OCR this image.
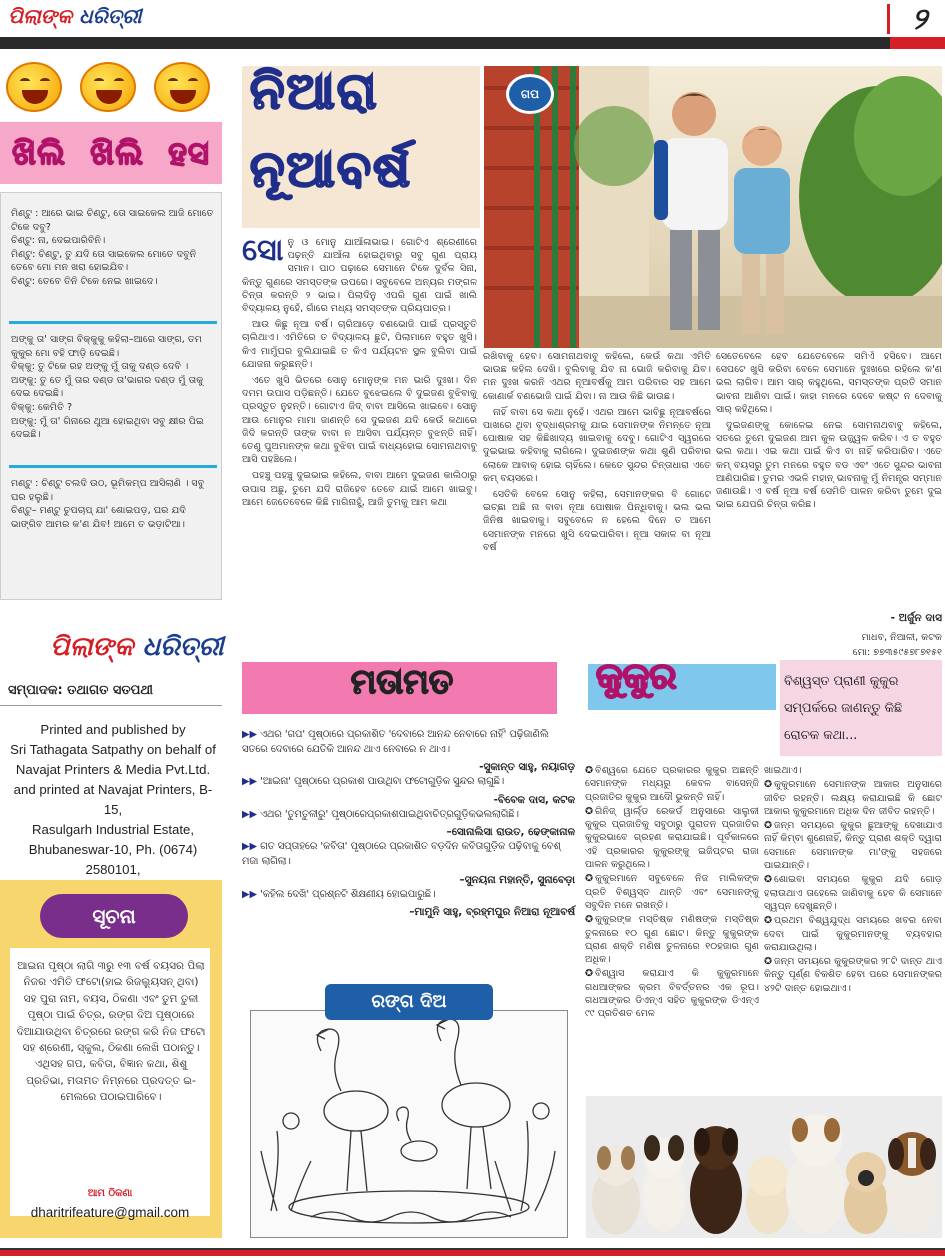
ପିଲାଙ୍କ ଧରିତ୍ରୀ	୨
ଖିଲି ଖିଲି ହସ
ମିଣ୍ଟୁ : ଆରେ ଭାଇ ଚିଣ୍ଟୁ, ତୋ ସାଇକେଲ ଆଜି ମୋତେ ଟିକେ ଦବୁ?
ଚିଣ୍ଟୁ: ନା, ଦେଇପାରିବିନି।
ମିଣ୍ଟୁ: ଚିଣ୍ଟୁ, ତୁ ଯଦି ତୋ ସାଇକେଲ ମୋତେ ଦବୁନି ତେବେ ମୋ ମନ ଖରା ହୋଇଯିବ।
ଚିଣ୍ଟୁ: ତେବେ ତିନି ଟିକେ ନେଇ ଖାଇଦେ।
ଅଙ୍କୁ ତା' ସାଙ୍ଗ ବିକ୍କୁକୁ କହିଲା–ଆରେ ସାଙ୍ଗ, ତମ କୁକୁର ମୋ ବହି ଫାଡ଼ି ଦେଇଛି।
ବିକ୍କୁ: ତୁ ଟିକେ ରହ ଅଙ୍କୁ ମୁଁ ତାକୁ ଦଣ୍ଡ ଦେବି ।
ଅଙ୍କୁ: ତୁ ତେ ମୁଁ ତାର ଦଣ୍ଡ ତା'ଭାଗର ଦଣ୍ଡ ମୁଁ ତାକୁ ଦେଇ ଦେଇଛି।
ବିକ୍କୁ: କେମିତି ?
ଅଙ୍କୁ: ମୁଁ ତା' ଗିନାରେ ଥୁଆ ହୋଇଥିବା ସବୁ କ୍ଷୀର ପିଇ ଦେଇଛି।
ମଣ୍ଟୁ : ଚିଣ୍ଟୁ ଚଲଦି ଉଠ, ଭୂମିକମ୍ପ ଆସିଲାଣି । ସବୁ ଘର ହଲୁଛି।
ଚିଣ୍ଟୁ– ମଣ୍ଟୁ ଚୁପଚାପ୍ ଯା' ଶୋଇପଡ଼, ଘର ଯଦି ଭାଙ୍ଗିବ ଆମର କ'ଣ ଯିବ! ଆମେ ତ ଭଡ଼ାଟିଆ।
ପିଲାଙ୍କ ଧରିତ୍ରୀ
ସମ୍ପାଦକ: ତଥାଗତ ସତପଥୀ
Printed and published by
Sri Tathagata Satpathy on behalf of
Navajat Printers & Media Pvt.Ltd.
and printed at Navajat Printers, B-15,
Rasulgarh Industrial Estate,
Bhubaneswar-10, Ph. (0674) 2580101,
ସୂଚନା
ଆଇନା ପୃଷ୍ଠା ଲାଗି ୩ରୁ ୧୩ ବର୍ଷ ବୟସର ପିଲା ନିଜର ଏମିତି ଫଟୋ(ହାଇ ରିଜଲ୍ୟୁସନ୍ ଥିବା) ସହ ପୁରା ନାମ, ବୟସ, ଠିକଣା ଏବଂ ତୁମ ତୁଳୀ ପୃଷ୍ଠା ପାଇଁ ଚିତ୍ର, ରଙ୍ଗ ଦିଅ ପୃଷ୍ଠାରେ ଦିଆଯାଉଥିବା ଚିତ୍ରରେ ରଙ୍ଗ କରି ନିଜ ଫଟୋ ସହ ଶ୍ରେଣୀ, ସ୍କୁଲ, ଠିକଣା ଲେଖି ପଠାନ୍ତୁ। ଏଥିସହ ଗପ, କବିତା, ବିଜ୍ଞାନ କଥା, ଶିଶୁ ପ୍ରତିଭା, ମତାମତ ନିମ୍ନରେ ପ୍ରଦତ୍ତ ଇ-ମେଲରେ ପଠାଇପାରିବେ।
ଆମ ଠିକଣା
dharitrifeature@gmail.com
ନିଆରା
ନୂଆବର୍ଷ
ଗପ

ସୋନୁ ଓ ମୋନୁ ଯାଆଁଳାଭାଇ। ଗୋଟିଏ ଶ୍ରେଣୀରେ ପଢ଼ନ୍ତି ଯାଆଁଳା ହୋଇଥିବାରୁ ସବୁ ଗୁଣ ପ୍ରାୟ ସମାନ। ପାଠ ପଢ଼ାରେ ସେମାନେ ଟିକେ ଦୁର୍ବଳ ସିନା, କିନ୍ତୁ ଗୁଣରେ ସମସ୍ତଙ୍କ ଉପରେ। ସବୁବେଳେ ଅନ୍ୟର ମଙ୍ଗଳ ଚିନ୍ତା କରନ୍ତି ୨ ଭାଇ। ପିଲାଦିନୁ ଏପରି ଗୁଣ ପାଇଁ ଖାଲି ବିଦ୍ୟାଳୟ ନୁହେଁ, ଗାଁରେ ମଧ୍ୟ ସମସ୍ତଙ୍କ ପ୍ରିୟପାତ୍ର।

ଆଉ କିଛୁ ନୂଆ ବର୍ଷ। ଚାରିଆଡ଼େ ବଣଭୋଜି ପାଇଁ ପ୍ରସ୍ତୁତି ଚାଲିଥାଏ। ଏମିତିରେ ତ ବିଦ୍ୟାଳୟ ଛୁଟି, ପିଲାମାନେ ବହୁତ ଖୁସି। କିଏ ମାମୁଁଘର ବୁଲିଯାଇଛି ତ କିଏ ପର୍ଯ୍ୟଟନ ସ୍ଥଳ ବୁଲିବା ପାଇଁ ଯୋଜନା କରୁଛନ୍ତି।

ଏତେ ଖୁସି ଭିତରେ ସୋନୁ ମୋନୁଙ୍କ ମନ ଭାରି ଦୁଃଖ। ଦିନ ଦମମ ଉପାସ ପଡ଼ିଛନ୍ତି। ଯେତେ ବୁଝେଇଲେ ବି ଦୁଇଜଣ ବୁଝିବାକୁ ପ୍ରସ୍ତୁତ ନୁହନ୍ତି। ଗୋଟାଏ ଜିଦ୍ ବାବା ଆସିଲେ ଖାଇବେ। ସୋନୁ ଆଉ ମୋନୁର ମାମା ଜାଣନ୍ତି ସେ ଦୁଇଜଣ ଯଦି କେଉଁ କଥାରେ ଜିଦି କରନ୍ତି ତାଙ୍କ ବାବା ନ ଆସିବା ପର୍ଯ୍ୟନ୍ତ ବୁଝନ୍ତି ନାହିଁ। ତେଣୁ ପୁଅମାନଙ୍କ କଥା ବୁଝିବା ପାଇଁ ବାଧ୍ୟହୋଇ ସୋମନାଥବାବୁ ଆସି ପହଞ୍ଚିଲେ।

ପହଞ୍ଚୁ ପହଞ୍ଚୁ ଦୁଇଭାଇ କହିଲେ, ବାବା ଆମେ ଦୁଇଜଣ କାଲିଠାରୁ ଉପାସ ଅଛୁ, ତୁମେ ଯଦି ରାଜିହେବ ତେବେ ଯାଇଁ ଆମେ ଖାଇବୁ। ଆମେ ଜେତେବେଳେ କିଛି ମାଗିନାହୁଁ, ଆଜି ତୁମକୁ ଆମ କଥା

ରଖିବାକୁ ହେବ। ସୋମନାଥବାବୁ କହିଲେ, କେଉଁ କଥା ଏମିତି ଭାଉଛ କହିଲ ଦେଖି। ବୁଲିବାକୁ ଯିବ ନା ଭୋଜି କରିବାକୁ ଯିବ। ମନ ଦୁଃଖ କରନି ଏଥର ନୂଆବର୍ଷକୁ ଆମ ପରିବାର ସହ ଆମେ କୋଣାର୍କ ବଣଭୋଜି ପାଇଁ ଯିବା। ନା ଆଉ କିଛି ଭାଉଛ।

ନାହିଁ ବାବା ସେ କଥା ନୁହେଁ। ଏଥର ଆମେ ଭାବିଛୁ ନୂଆବର୍ଷରେ ପାଖରେ ଥିବା ବୃଦ୍ଧାଶ୍ରମକୁ ଯାଇ ସେମାନଙ୍କ ନିମନ୍ତେ ନୂଆ ପୋଷାକ ସହ କିଛିଖାଦ୍ୟ ଖାଇବାକୁ ଦେବୁ। ଗୋଟିଏ ସ୍ୱରରେ ଦୁଇଭାଇ କହିବାକୁ ଲାଗିଲେ। ଦୁଇଜଣଙ୍କ କଥା ଶୁଣି ପରିବାର ଲୋକେ ଆବାକ୍ ହୋଇ ଚାହିଁଲେ। କେତେ ସୁନ୍ଦର ଚିନ୍ତାଧାରା ଏତେ କମ୍ ବୟସରେ।

ସେତିକି ବେଳେ ସୋନୁ କହିଲା, ସେମାନଙ୍କର ବି ଗୋଟେ ଇଚ୍ଛା ଅଛି ନା ବାବା ନୂଆ ପୋଷାକ ପିନ୍ଧିବାକୁ। ଭଲ ଭଲ ଜିନିଷ ଖାଇବାକୁ। ସବୁବେଳେ ନ ହେଲେ ଦିନେ ତ ଆମେ ସେମାନଙ୍କ ମନରେ ଖୁସି ଦେଇପାରିବା। ନୂଆ ସକାଳ ବା ନୂଆ ବର୍ଷ

ସେତେବେଳେ ହେବ ଯେତେବେଳେ ସମିଏଁ ହସିବେ। ଆମେ ସେପଟେ ଖୁସି କରିବା ବେଳେ ସେମାନେ ଦୁଃଖରେ ରହିଲେ କ'ଣ ଭଲ ଲାଗିବ। ଆମ ସାର୍ କହୁଥିଲେ, ସମସ୍ତଙ୍କ ପ୍ରତି ସମାନ ଭାବନା ଆଣିବା ପାଇଁ। କାହା ମନରେ ଦେବେ କଷ୍ଟ ନ ଦେବାକୁ ସାର୍ କହିଥିଲେ।

ଦୁଇଜଣଙ୍କୁ କୋଳେଇ ନେଇ ସୋମନାଥବାବୁ କହିଲେ, ସତରେ ତୁମେ ଦୁଇଜଣ ଆମ କୁଳ ଉଜ୍ଜ୍ୱଳ କରିବ। ଏ ତ ବହୁତ ଭଲ କଥା। ଏଇ କଥା ପାଇଁ କିଏ ବା ନାହିଁ କରିପାରିବ। ଏତେ କମ୍ ବୟସରୁ ତୁମ ମନରେ ବହୁତ ବଡ ଏବଂ ଏତେ ସୁନ୍ଦର ଭାବନା ଆଣିପାରିଛ। ତୁମର ଏଭଳି ମହାନ୍ ଭାବନାକୁ ମୁଁ ନିମନ୍ତ୍ର ସମ୍ମାନ ଜଣାଉଛି। ଏ ବର୍ଷ ନୂଆ ବର୍ଷ ସେମିତି ପାଳନ କରିବା ତୁମେ ଦୁଇ ଭାଇ ଯେପରି ଚିନ୍ତା କରିଛ।

- ଅର୍ଜୁନ ଦାସ
ମାଧବ, ନିଆଳୀ, କଟକ
ମୋ: ୭୭୩୫୯୫୭୮୭୧୫୧
ମତାମତ
▶▶ ଏଥର 'ଗପ' ପୃଷ୍ଠାରେ ପ୍ରକାଶିତ 'ଦେବାରେ ଆନନ୍ଦ ନେବାରେ ନାହିଁ' ପଢ଼ିଜାଣିଲି ସତରେ ଦେବାରେ ଯେତିକି ଆନନ୍ଦ ଥାଏ ନେବାରେ ନ ଥାଏ।
-ସୁକାନ୍ତ ସାହୁ, ନୟାଗଡ଼
▶▶ 'ଆଇନା' ପୃଷ୍ଠାରେ ପ୍ରକାଶ ପାଉଥିବା ଫଟୋଗୁଡ଼ିକ ସୁନ୍ଦର ଲାଗୁଛି।
-ବିବେକ ଦାସ, କଟକ
▶▶ ଏଥର 'ତୁମତୁଳୀରୁ' ପୃଷ୍ଠାରେପ୍ରକାଶପାଇଥିବାଚିତ୍ରଗୁଡ଼ିକଭଲଲାଗିଛି।
–ସୋନାଲିସା ରାଉତ, ଢେଙ୍କାନାଳ
▶▶ ଗତ ସପ୍ତାହରେ 'କବିତା' ପୃଷ୍ଠାରେ ପ୍ରକାଶିତ ବଡ଼ଦିନ କବିତାଗୁଡ଼ିକ ପଢ଼ିବାକୁ ବେଶ୍ ମଜା ଲାଗିଲା।
–ସୁନୟନା ମହାନ୍ତି, ସୁନାବେଡ଼ା
▶▶ 'କହିଲ ଦେଖି' ପ୍ରଶ୍ନଟି ଶିକ୍ଷଣୀୟ ହୋଇପାରୁଛି।
–ମାମୁନି ସାହୁ, ବ୍ରହ୍ମପୁର ନିଆରା ନୂଆବର୍ଷ
ରଙ୍ଗ ଦିଅ
କୁକୁର	ବିଶ୍ୱସ୍ତ ପ୍ରାଣୀ କୁକୁର ସମ୍ପର୍କରେ ଜାଣନ୍ତୁ କିଛି ରୋଚକ କଥା...
✪ ବିଶ୍ୱରେ ଯେତେ ପ୍ରକାରର କୁକୁର ଅଛନ୍ତି ସେମାନଙ୍କ ମଧ୍ୟରୁ କେବଳ ବାସେନ୍ଜି ପ୍ରଜାତିର କୁକୁର ଆଦୌ ଭୁକନ୍ତି ନାହିଁ।
✪ ଗିନିଜ୍ ୱାର୍ଲ୍ଡ ରେକର୍ଡ ଅନୁସାରେ ସାଲୁକୀ କୁକୁର ପ୍ରଜାତିକୁ ସବୁଠାରୁ ପୁରାତନ ପ୍ରଜାତିର କୁକୁରଭାବେ ଗ୍ରହଣ କରାଯାଇଛି। ପୂର୍ବକାଳରେ ଏହି ପ୍ରକାରର କୁକୁରଙ୍କୁ ଇଜିପ୍ଟର ରାଜା ପାଳନ କରୁଥିଲେ।
✪ କୁକୁରମାନେ ସବୁବେଳେ ନିଜ ମାଲିକଙ୍କ ପ୍ରତି ବିଶ୍ୱସ୍ତ ଥାନ୍ତି ଏବଂ ସେମାନଙ୍କୁ ସବୁଦିନ ମନେ ରଖନ୍ତି।
✪ କୁକୁରଙ୍କ ମସ୍ତିଷ୍କ ମଣିଷଙ୍କ ମସ୍ତିଷ୍କ ତୁଳନାରେ ୧୦ ଗୁଣ ଛୋଟ। କିନ୍ତୁ କୁକୁରଙ୍କ ଘ୍ରାଣ ଶକ୍ତି ମଣିଷ ତୁଳନାରେ ୧୦ହଜାର ଗୁଣ ଅଧିକ।
✪ ବିଶ୍ୱାସ କରାଯାଏ କି କୁକୁରମାନେ ଗଧଆଙ୍କର କ୍ରମ ବିବର୍ତ୍ତନର ଏକ ରୂପ। ଗଧଆଙ୍କର ଡିଏନ୍ଏ ସହିତ କୁକୁରଙ୍କ ଡିଏନ୍ଏ ୯୯ ପ୍ରତିଶତ ମେଳ
ଖାଇଥାଏ।
✪ କୁକୁରମାନେ ସେମାନଙ୍କ ଆକାର ଅନୁସାରେ ଜୀବିତ ରହନ୍ତି। ଲକ୍ଷ୍ୟ କରାଯାଇଛି କି ଛୋଟ ଆକାର କୁକୁରମାନେ ଅଧିକ ଦିନ ଜୀବିତ ରହନ୍ତି।
✪ ଜନ୍ମ ସମୟରେ କୁକୁର ଛୁଆଙ୍କୁ ଦେଖାଯାଏ ନାହିଁ କିମ୍ବା ଶୁଣେନାହିଁ, କିନ୍ତୁ ଘ୍ରାଣ ଶକ୍ତି ଦ୍ୱାରା ସେମାନେ ସେମାନଙ୍କ ମା'ଙ୍କୁ ସହଜରେ ପାଇଯାନ୍ତି।
✪ ଶୋଇବା ସମୟରେ କୁକୁର ଯଦି ଗୋଡ଼ ହଲାଉଥାଏ ତାହେଲେ ଜାଣିବାକୁ ହେବ କି ସେମାନେ ସ୍ୱପ୍ନ ଦେଖୁଛନ୍ତି।
✪ ପ୍ରଥମ ବିଶ୍ୱଯୁଦ୍ଧ ସମୟରେ ଖବର ନେବା ଦେବା ପାଇଁ କୁକୁରମାନଙ୍କୁ ବ୍ୟବହାର କରାଯାଉଥିଲା।
✪ ଜନ୍ମ ସମୟରେ କୁକୁରଙ୍କର ୨୮ଟି ଦାନ୍ତ ଥାଏ କିନ୍ତୁ ପୂର୍ଣ୍ଣ ବିକଶିତ ହେବା ପରେ ସେମାନଙ୍କର ୪୨ଟି ଦାନ୍ତ ହୋଇଥାଏ।
